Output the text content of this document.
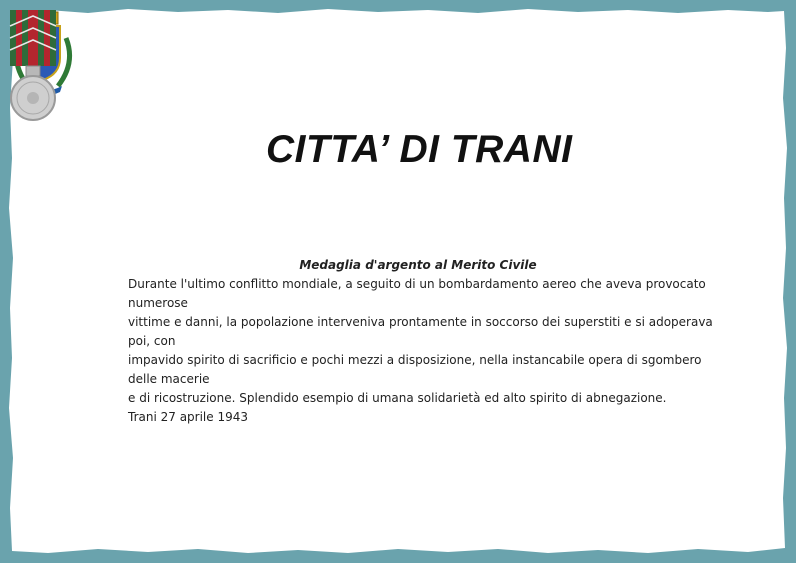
CITTA’ DI TRANI
Medaglia d'argento al Merito Civile
Durante l'ultimo conflitto mondiale, a seguito di un bombardamento aereo che aveva provocato numerose
vittime e danni, la popolazione interveniva prontamente in soccorso dei superstiti e si adoperava poi, con
impavido spirito di sacrificio e pochi mezzi a disposizione, nella instancabile opera di sgombero delle macerie
e di ricostruzione. Splendido esempio di umana solidarietà ed alto spirito di abnegazione.
Trani 27 aprile 1943
